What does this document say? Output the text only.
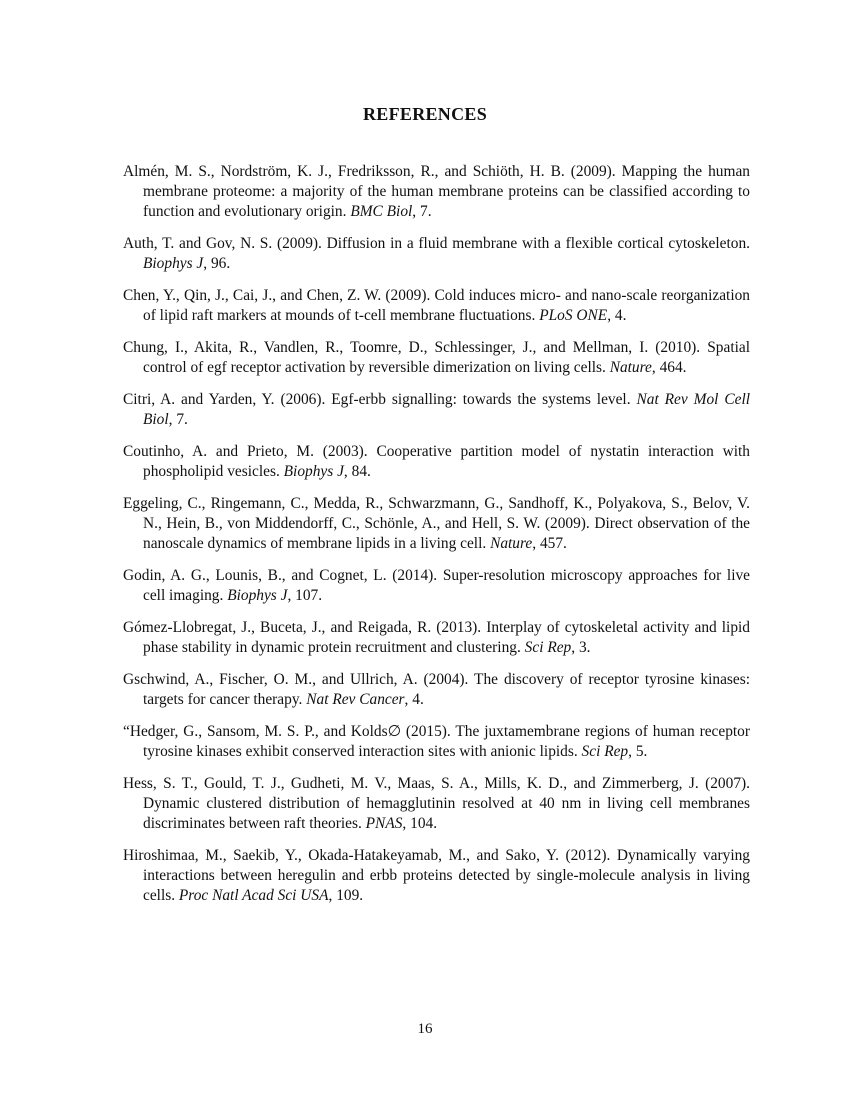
REFERENCES

Almén, M. S., Nordström, K. J., Fredriksson, R., and Schiöth, H. B. (2009). Mapping the human membrane proteome: a majority of the human membrane proteins can be classified according to function and evolutionary origin. BMC Biol, 7.

Auth, T. and Gov, N. S. (2009). Diffusion in a fluid membrane with a flexible cortical cytoskeleton. Biophys J, 96.

Chen, Y., Qin, J., Cai, J., and Chen, Z. W. (2009). Cold induces micro- and nano-scale reorganization of lipid raft markers at mounds of t-cell membrane fluctuations. PLoS ONE, 4.

Chung, I., Akita, R., Vandlen, R., Toomre, D., Schlessinger, J., and Mellman, I. (2010). Spatial control of egf receptor activation by reversible dimerization on living cells. Nature, 464.

Citri, A. and Yarden, Y. (2006). Egf-erbb signalling: towards the systems level. Nat Rev Mol Cell Biol, 7.

Coutinho, A. and Prieto, M. (2003). Cooperative partition model of nystatin interaction with phospholipid vesicles. Biophys J, 84.

Eggeling, C., Ringemann, C., Medda, R., Schwarzmann, G., Sandhoff, K., Polyakova, S., Belov, V. N., Hein, B., von Middendorff, C., Schönle, A., and Hell, S. W. (2009). Direct observation of the nanoscale dynamics of membrane lipids in a living cell. Nature, 457.

Godin, A. G., Lounis, B., and Cognet, L. (2014). Super-resolution microscopy approaches for live cell imaging. Biophys J, 107.

Gómez-Llobregat, J., Buceta, J., and Reigada, R. (2013). Interplay of cytoskeletal activity and lipid phase stability in dynamic protein recruitment and clustering. Sci Rep, 3.

Gschwind, A., Fischer, O. M., and Ullrich, A. (2004). The discovery of receptor tyrosine kinases: targets for cancer therapy. Nat Rev Cancer, 4.

“Hedger, G., Sansom, M. S. P., and Kolds∅ (2015). The juxtamembrane regions of human receptor tyrosine kinases exhibit conserved interaction sites with anionic lipids. Sci Rep, 5.

Hess, S. T., Gould, T. J., Gudheti, M. V., Maas, S. A., Mills, K. D., and Zimmerberg, J. (2007). Dynamic clustered distribution of hemagglutinin resolved at 40 nm in living cell membranes discriminates between raft theories. PNAS, 104.

Hiroshimaa, M., Saekib, Y., Okada-Hatakeyamab, M., and Sako, Y. (2012). Dynamically varying interactions between heregulin and erbb proteins detected by single-molecule analysis in living cells. Proc Natl Acad Sci USA, 109.

16
